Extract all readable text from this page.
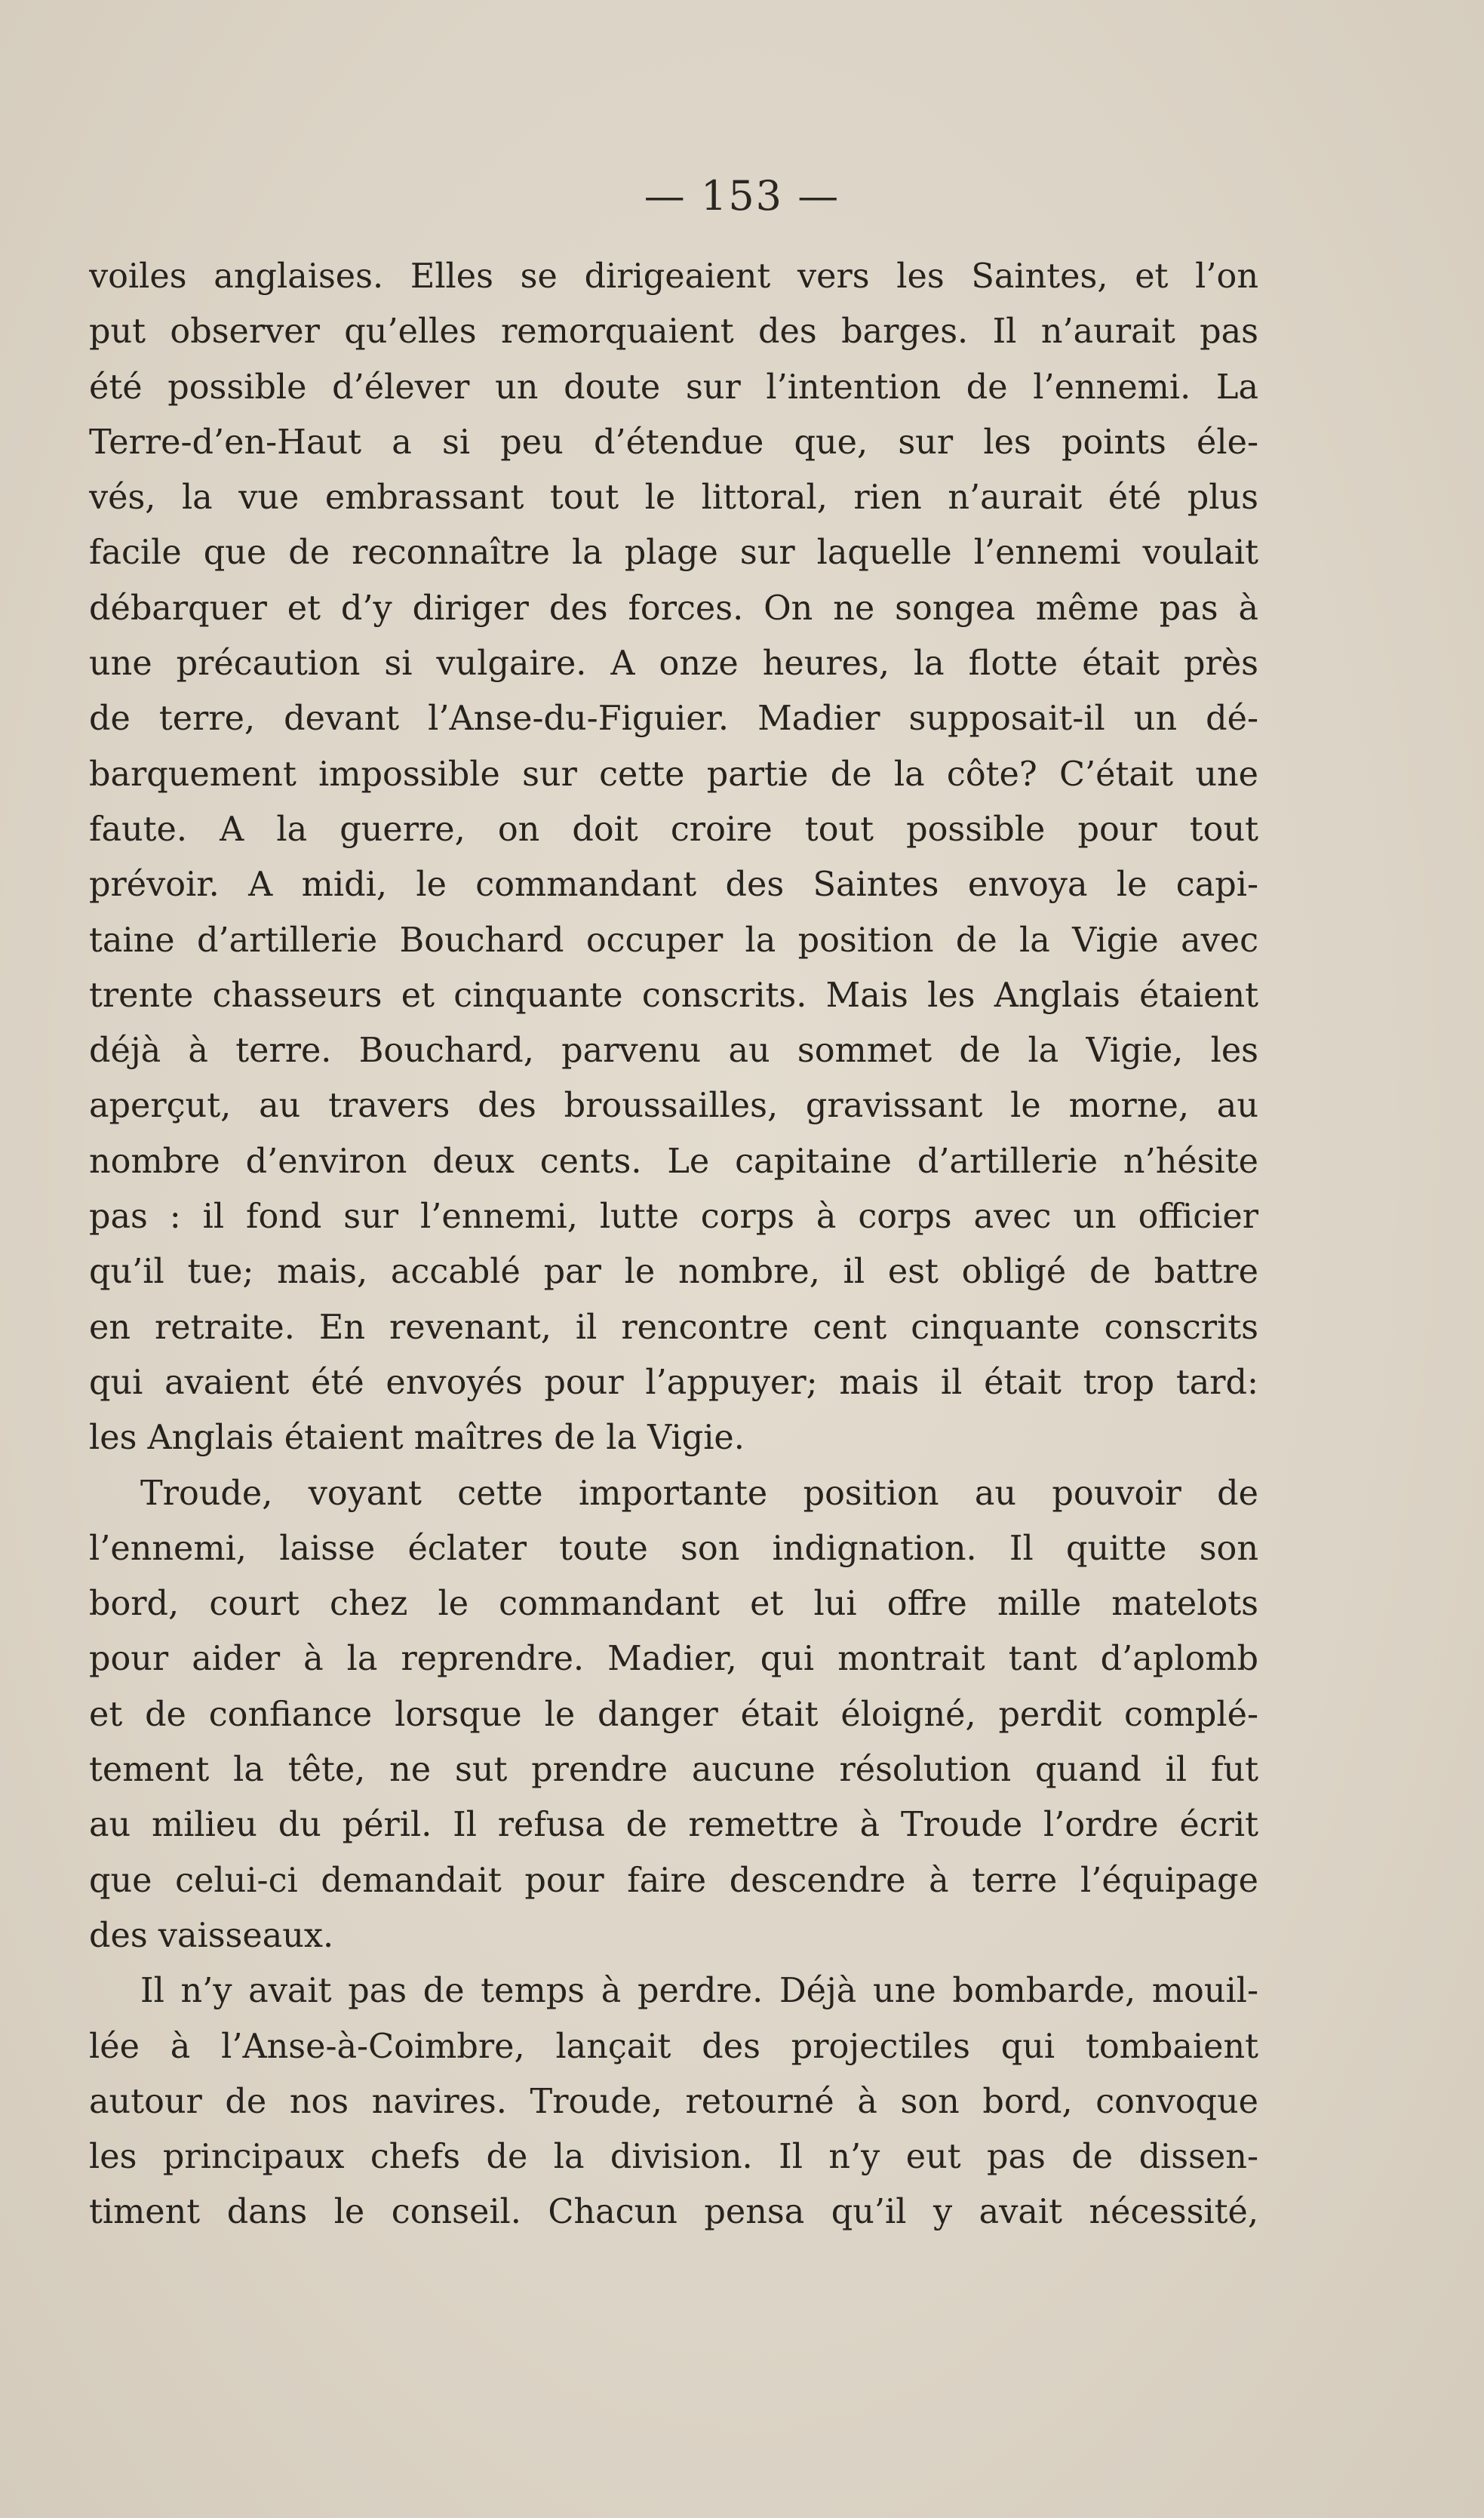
— 153 —
voiles anglaises. Elles se dirigeaient vers les Saintes, et l’on
put observer qu’elles remorquaient des barges. Il n’aurait pas
été possible d’élever un doute sur l’intention de l’ennemi. La
Terre-d’en-Haut a si peu d’étendue que, sur les points éle-
vés, la vue embrassant tout le littoral, rien n’aurait été plus
facile que de reconnaître la plage sur laquelle l’ennemi voulait
débarquer et d’y diriger des forces. On ne songea même pas à
une précaution si vulgaire. A onze heures, la flotte était près
de terre, devant l’Anse-du-Figuier. Madier supposait-il un dé-
barquement impossible sur cette partie de la côte? C’était une
faute. A la guerre, on doit croire tout possible pour tout
prévoir. A midi, le commandant des Saintes envoya le capi-
taine d’artillerie Bouchard occuper la position de la Vigie avec
trente chasseurs et cinquante conscrits. Mais les Anglais étaient
déjà à terre. Bouchard, parvenu au sommet de la Vigie, les
aperçut, au travers des broussailles, gravissant le morne, au
nombre d’environ deux cents. Le capitaine d’artillerie n’hésite
pas : il fond sur l’ennemi, lutte corps à corps avec un officier
qu’il tue; mais, accablé par le nombre, il est obligé de battre
en retraite. En revenant, il rencontre cent cinquante conscrits
qui avaient été envoyés pour l’appuyer; mais il était trop tard:
les Anglais étaient maîtres de la Vigie.
Troude, voyant cette importante position au pouvoir de
l’ennemi, laisse éclater toute son indignation. Il quitte son
bord, court chez le commandant et lui offre mille matelots
pour aider à la reprendre. Madier, qui montrait tant d’aplomb
et de confiance lorsque le danger était éloigné, perdit complé-
tement la tête, ne sut prendre aucune résolution quand il fut
au milieu du péril. Il refusa de remettre à Troude l’ordre écrit
que celui-ci demandait pour faire descendre à terre l’équipage
des vaisseaux.
Il n’y avait pas de temps à perdre. Déjà une bombarde, mouil-
lée à l’Anse-à-Coimbre, lançait des projectiles qui tombaient
autour de nos navires. Troude, retourné à son bord, convoque
les principaux chefs de la division. Il n’y eut pas de dissen-
timent dans le conseil. Chacun pensa qu’il y avait nécessité,
